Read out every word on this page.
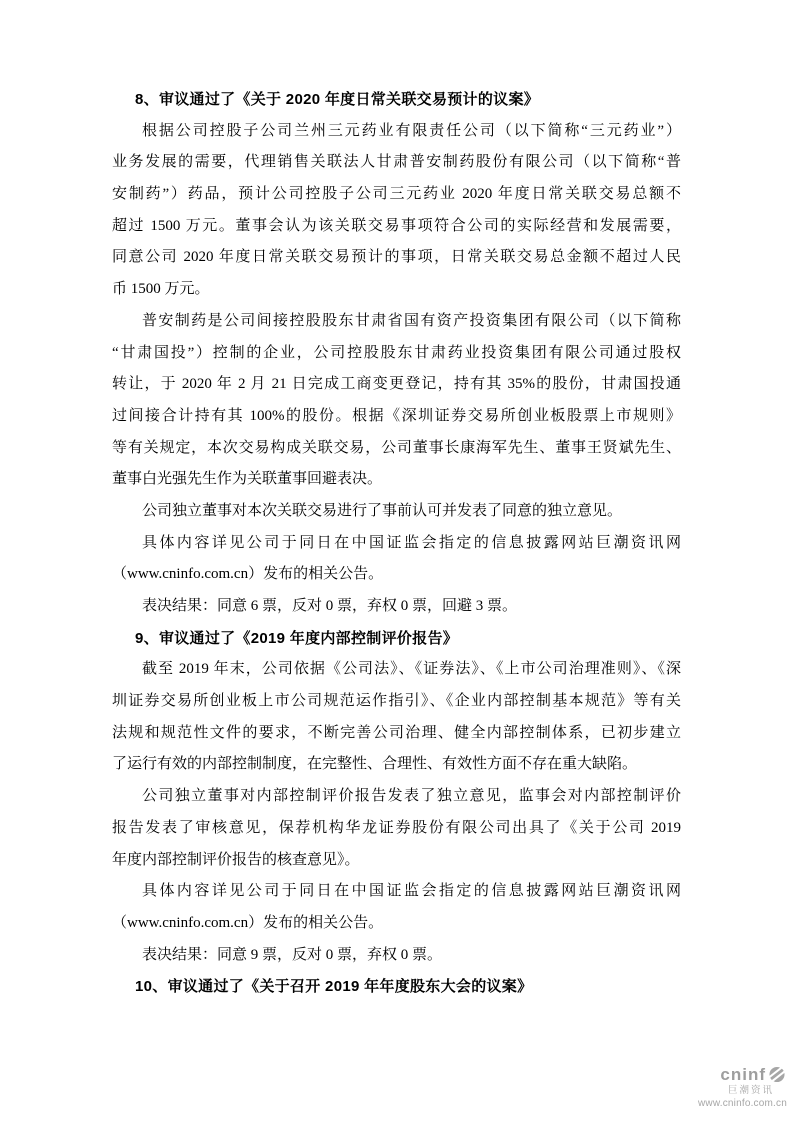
8、审议通过了《关于 2020 年度日常关联交易预计的议案》
根据公司控股子公司兰州三元药业有限责任公司（以下简称“三元药业”）
业务发展的需要，代理销售关联法人甘肃普安制药股份有限公司（以下简称“普
安制药”）药品，预计公司控股子公司三元药业 2020 年度日常关联交易总额不
超过 1500 万元。董事会认为该关联交易事项符合公司的实际经营和发展需要，
同意公司 2020 年度日常关联交易预计的事项，日常关联交易总金额不超过人民
币 1500 万元。
普安制药是公司间接控股股东甘肃省国有资产投资集团有限公司（以下简称
“甘肃国投”）控制的企业，公司控股股东甘肃药业投资集团有限公司通过股权
转让，于 2020 年 2 月 21 日完成工商变更登记，持有其 35%的股份，甘肃国投通
过间接合计持有其 100%的股份。根据《深圳证券交易所创业板股票上市规则》
等有关规定，本次交易构成关联交易，公司董事长康海军先生、董事王贤斌先生、
董事白光强先生作为关联董事回避表决。
公司独立董事对本次关联交易进行了事前认可并发表了同意的独立意见。
具体内容详见公司于同日在中国证监会指定的信息披露网站巨潮资讯网
（www.cninfo.com.cn）发布的相关公告。
表决结果：同意 6 票，反对 0 票，弃权 0 票，回避 3 票。
9、审议通过了《2019 年度内部控制评价报告》
截至 2019 年末，公司依据《公司法》、《证券法》、《上市公司治理准则》、《深
圳证券交易所创业板上市公司规范运作指引》、《企业内部控制基本规范》等有关
法规和规范性文件的要求，不断完善公司治理、健全内部控制体系，已初步建立
了运行有效的内部控制制度，在完整性、合理性、有效性方面不存在重大缺陷。
公司独立董事对内部控制评价报告发表了独立意见，监事会对内部控制评价
报告发表了审核意见，保荐机构华龙证券股份有限公司出具了《关于公司 2019
年度内部控制评价报告的核查意见》。
具体内容详见公司于同日在中国证监会指定的信息披露网站巨潮资讯网
（www.cninfo.com.cn）发布的相关公告。
表决结果：同意 9 票，反对 0 票，弃权 0 票。
10、审议通过了《关于召开 2019 年年度股东大会的议案》
cninf
巨潮资讯
www.cninfo.com.cn
